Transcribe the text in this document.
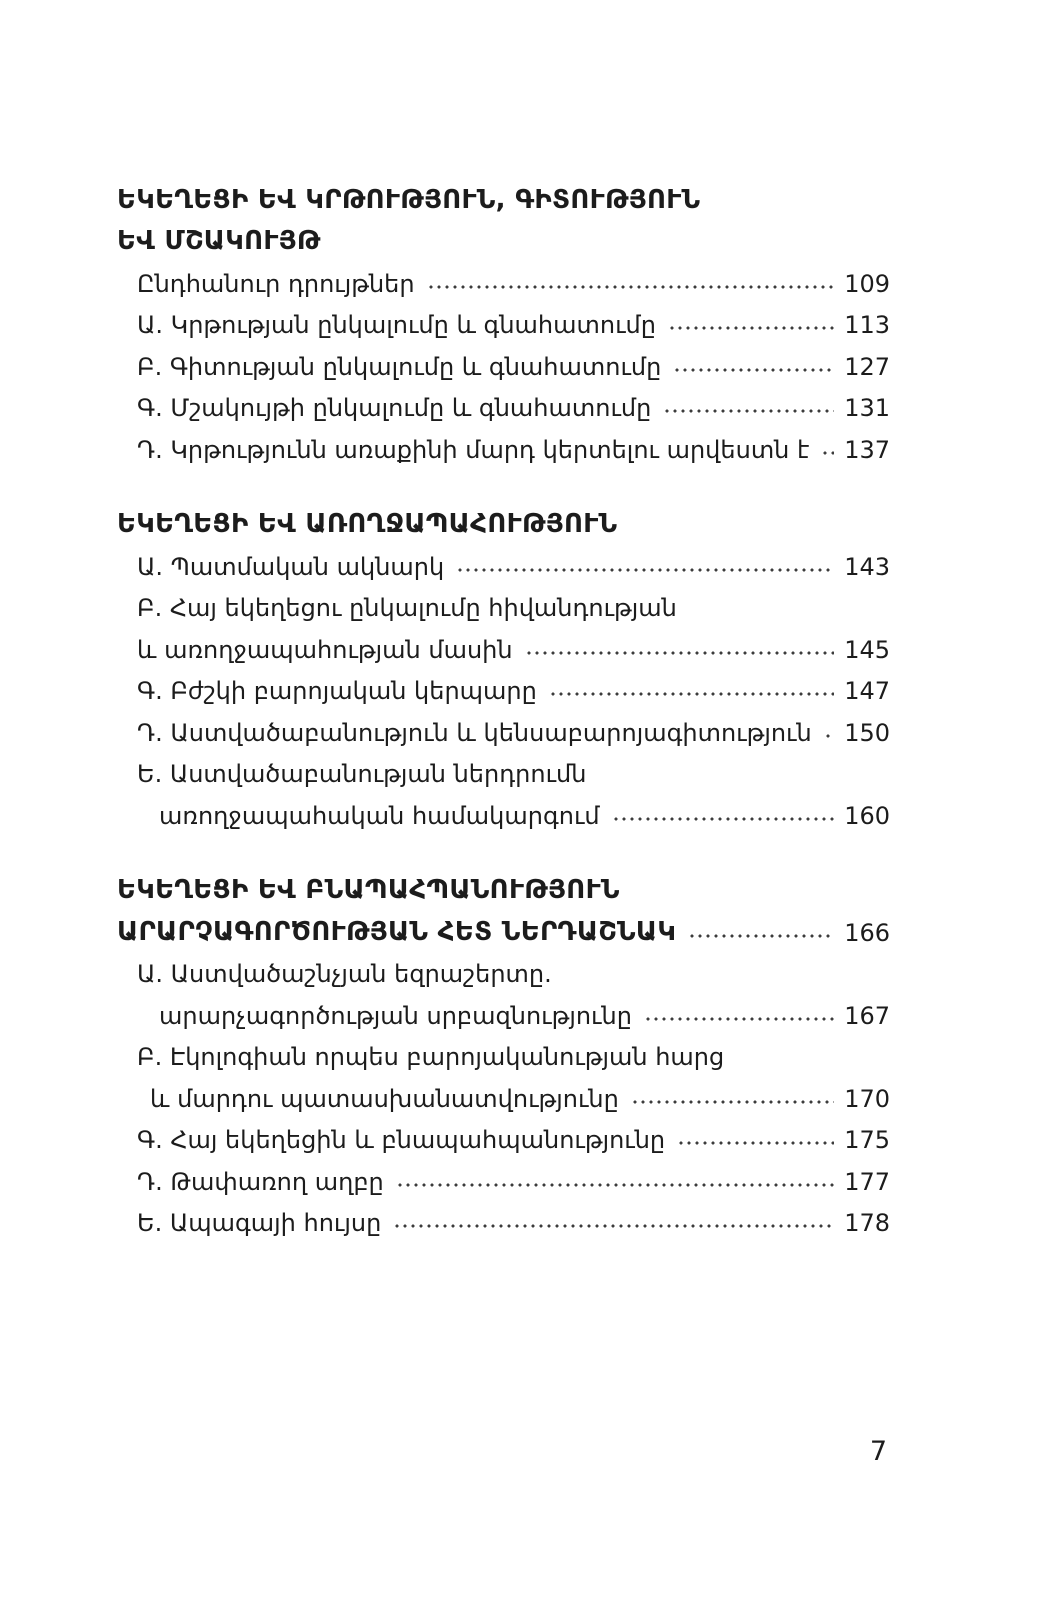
ԵԿԵՂԵՑԻ ԵՎ ԿՐԹՈՒԹՅՈՒՆ, ԳԻՏՈՒԹՅՈՒՆ
ԵՎ ՄՇԱԿՈՒՅԹ
Ընդհանուր դրույթներ	109
Ա. Կրթության ընկալումը և գնահատումը	113
Բ. Գիտության ընկալումը և գնահատումը	127
Գ. Մշակույթի ընկալումը և գնահատումը	131
Դ. Կրթությունն առաքինի մարդ կերտելու արվեստն է 137
ԵԿԵՂԵՑԻ ԵՎ ԱՌՈՂՋԱՊԱՀՈՒԹՅՈՒՆ
Ա. Պատմական ակնարկ	143
Բ. Հայ եկեղեցու ընկալումը հիվանդության
և առողջապահության մասին	145
Գ. Բժշկի բարոյական կերպարը	147
Դ. Աստվածաբանություն և կենսաբարոյագիտություն 150
Ե. Աստվածաբանության ներդրումն
առողջապահական համակարգում	160
ԵԿԵՂԵՑԻ ԵՎ ԲՆԱՊԱՀՊԱՆՈՒԹՅՈՒՆ
ԱՐԱՐՉԱԳՈՐԾՈՒԹՅԱՆ ՀԵՏ ՆԵՐԴԱՇՆԱԿ	166
Ա. Աստվածաշնչյան եզրաշերտը.
արարչագործության սրբազնությունը	167
Բ. Էկոլոգիան որպես բարոյականության հարց
և մարդու պատասխանատվությունը	170
Գ. Հայ եկեղեցին և բնապահպանությունը	175
Դ. Թափառող աղբը	177
Ե. Ապագայի հույսը	178
7
